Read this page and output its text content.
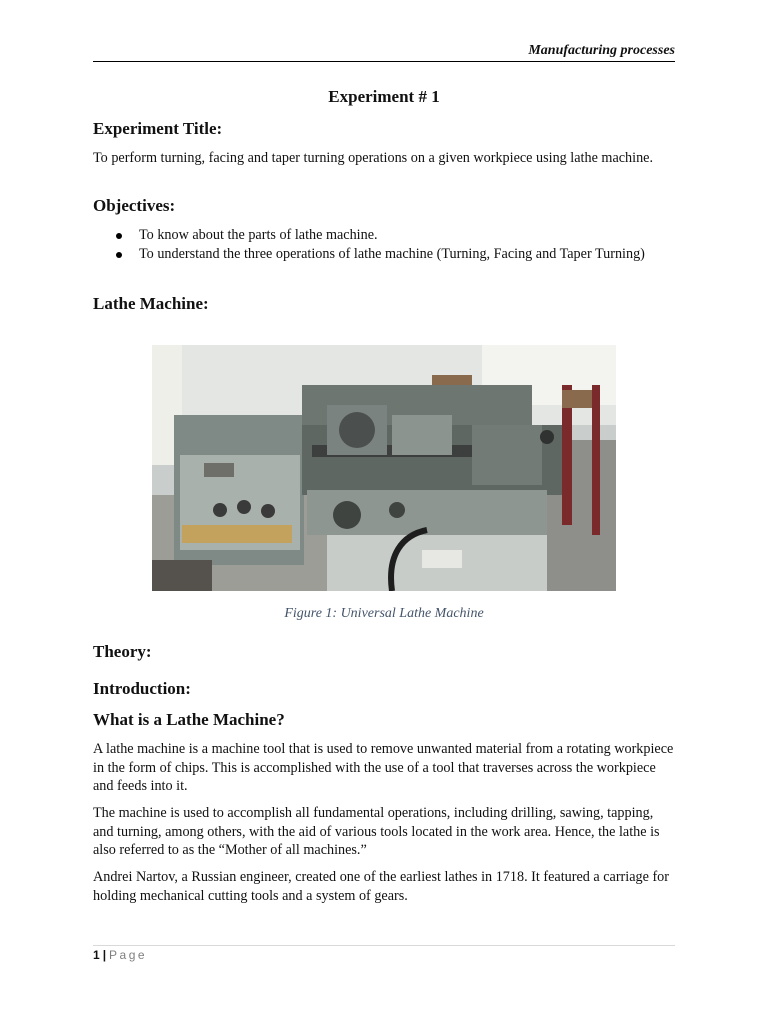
Manufacturing processes
Experiment # 1
Experiment Title:

To perform turning, facing and taper turning operations on a given workpiece using lathe machine.

Objectives:
To know about the parts of lathe machine.
To understand the three operations of lathe machine (Turning, Facing and Taper Turning)
Lathe Machine:
Figure 1: Universal Lathe Machine
Theory:
Introduction:
What is a Lathe Machine?

A lathe machine is a machine tool that is used to remove unwanted material from a rotating workpiece in the form of chips. This is accomplished with the use of a tool that traverses across the workpiece and feeds into it.

The machine is used to accomplish all fundamental operations, including drilling, sawing, tapping, and turning, among others, with the aid of various tools located in the work area. Hence, the lathe is also referred to as the “Mother of all machines.”

Andrei Nartov, a Russian engineer, created one of the earliest lathes in 1718. It featured a carriage for holding mechanical cutting tools and a system of gears.

1 | Page
